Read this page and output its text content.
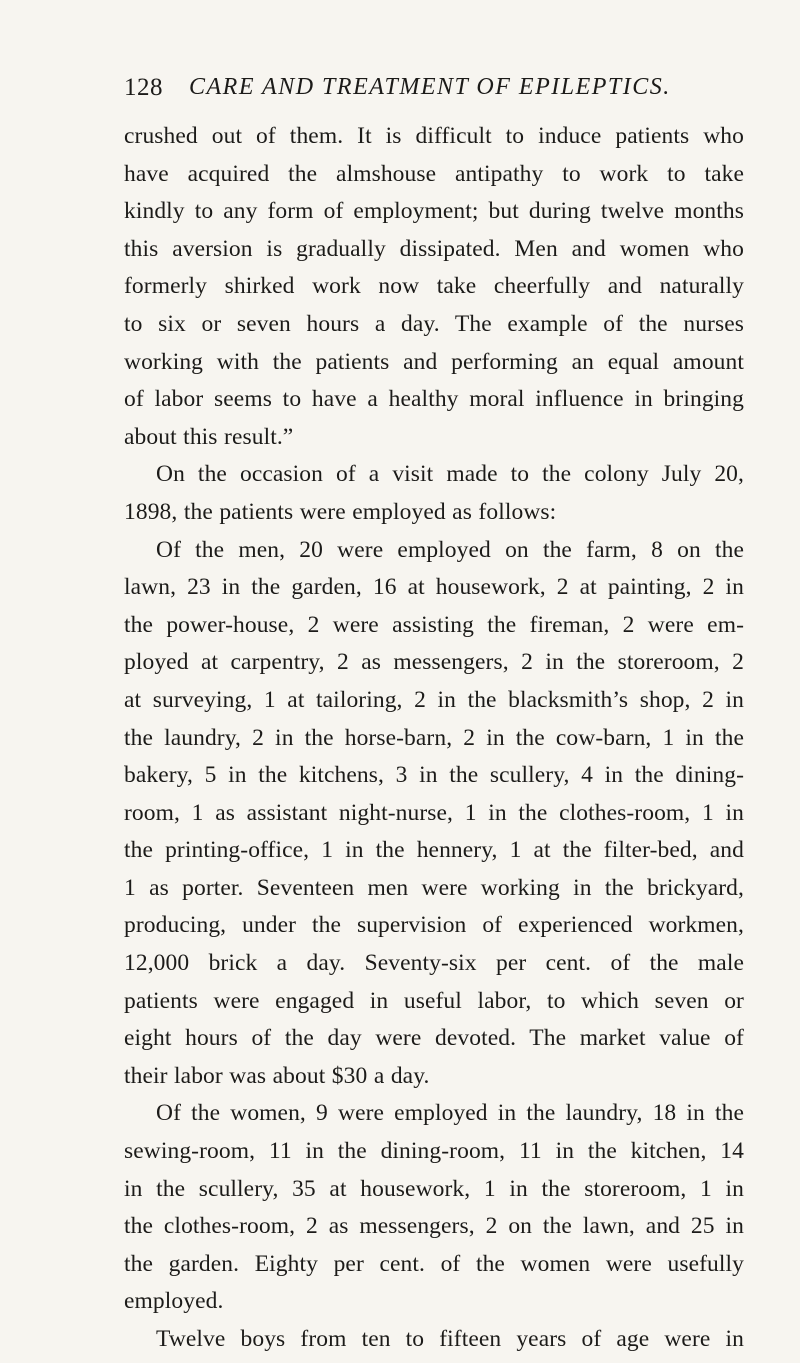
128 CARE AND TREATMENT OF EPILEPTICS.
crushed out of them. It is difficult to induce patients who
have acquired the almshouse antipathy to work to take
kindly to any form of employment; but during twelve months
this aversion is gradually dissipated. Men and women who
formerly shirked work now take cheerfully and naturally
to six or seven hours a day. The example of the nurses
working with the patients and performing an equal amount
of labor seems to have a healthy moral influence in bringing
about this result.”
On the occasion of a visit made to the colony July 20,
1898, the patients were employed as follows:
Of the men, 20 were employed on the farm, 8 on the
lawn, 23 in the garden, 16 at housework, 2 at painting, 2 in
the power-house, 2 were assisting the fireman, 2 were em-
ployed at carpentry, 2 as messengers, 2 in the storeroom, 2
at surveying, 1 at tailoring, 2 in the blacksmith’s shop, 2 in
the laundry, 2 in the horse-barn, 2 in the cow-barn, 1 in the
bakery, 5 in the kitchens, 3 in the scullery, 4 in the dining-
room, 1 as assistant night-nurse, 1 in the clothes-room, 1 in
the printing-office, 1 in the hennery, 1 at the filter-bed, and
1 as porter. Seventeen men were working in the brickyard,
producing, under the supervision of experienced workmen,
12,000 brick a day. Seventy-six per cent. of the male
patients were engaged in useful labor, to which seven or
eight hours of the day were devoted. The market value of
their labor was about $30 a day.
Of the women, 9 were employed in the laundry, 18 in the
sewing-room, 11 in the dining-room, 11 in the kitchen, 14
in the scullery, 35 at housework, 1 in the storeroom, 1 in
the clothes-room, 2 as messengers, 2 on the lawn, and 25 in
the garden. Eighty per cent. of the women were usefully
employed.
Twelve boys from ten to fifteen years of age were in
